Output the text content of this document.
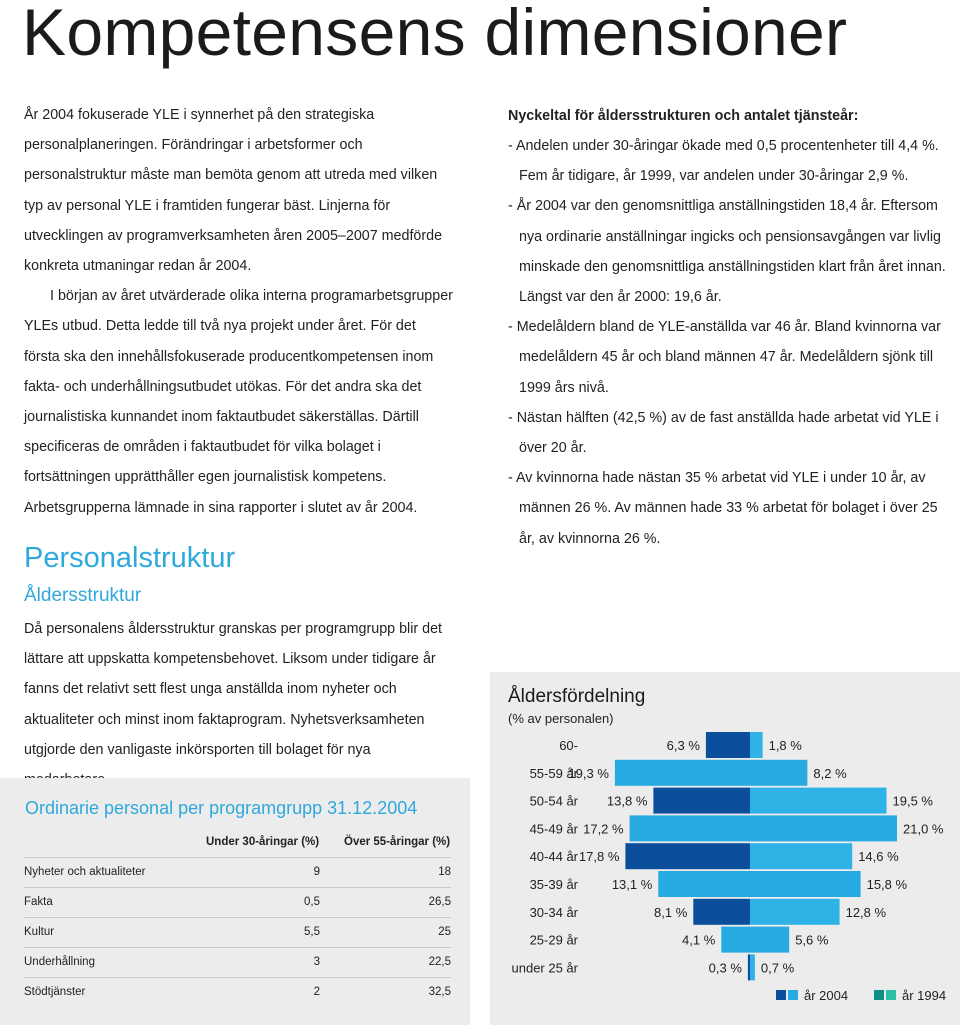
Kompetensens dimensioner

År 2004 fokuserade YLE i synnerhet på den strategiska personalplaneringen. Förändringar i arbetsformer och personalstruktur måste man bemöta genom att utreda med vilken typ av personal YLE i framtiden fungerar bäst. Linjerna för utvecklingen av programverksamheten åren 2005–2007 medförde konkreta utmaningar redan år 2004.

I början av året utvärderade olika interna programarbetsgrupper YLEs utbud. Detta ledde till två nya projekt under året. För det första ska den innehållsfokuserade producentkompetensen inom fakta- och underhållningsutbudet utökas. För det andra ska det journalistiska kunnandet inom faktautbudet säkerställas. Därtill specificeras de områden i faktautbudet för vilka bolaget i fortsättningen upprätthåller egen journalistisk kompetens. Arbetsgrupperna lämnade in sina rapporter i slutet av år 2004.

Personalstruktur
Åldersstruktur

Då personalens åldersstruktur granskas per programgrupp blir det lättare att uppskatta kompetensbehovet. Liksom under tidigare år fanns det relativt sett flest unga anställda inom nyheter och aktualiteter och minst inom faktaprogram. Nyhetsverksamheten utgjorde den vanligaste inkörsporten till bolaget för nya

Nyckeltal för åldersstrukturen och antalet tjänsteår:

- Andelen under 30-åringar ökade med 0,5 procentenheter till 4,4 %. Fem år tidigare, år 1999, var andelen under 30-åringar 2,9 %.

- År 2004 var den genomsnittliga anställningstiden 18,4 år. Eftersom nya ordinarie anställningar ingicks och pensionsavgången var livlig minskade den genomsnittliga anställningstiden klart från året innan. Längst var den år 2000: 19,6 år.

- Medelåldern bland de YLE-anställda var 46 år. Bland kvinnorna var medelåldern 45 år och bland männen 47 år. Medelåldern sjönk till 1999 års nivå.

- Nästan hälften (42,5 %) av de fast anställda hade arbetat vid YLE i över 20 år.

- Av kvinnorna hade nästan 35 % arbetat vid YLE i under 10 år, av männen 26 %. Av männen hade 33 % arbetat för bolaget i över 25 år, av kvinnorna 26 %.

Ordinarie personal per programgrupp 31.12.2004
Under 30-åringar (%) Över 55-åringar (%)
Nyheter och aktualiteter	9	18
Fakta	0,5	26,5
Kultur	5,5	25
Underhållning	3	22,5
Stödtjänster	2	32,5
Åldersfördelning
(% av personalen)
60-	6,3 %	1,8 %
55-59 år
19,3 %	8,2 %
50-54 år 13,8 %	19,5 %
45-49 år 17,2 %	21,0 %
40-44 år 17,8 %	14,6 %
35-39 år	13,1 %	15,8 %
30-34 år	8,1 %	12,8 %
25-29 år	4,1 %	5,6 %
under 25 år	0,3 % 0,7 %
år 2004	år 1994
